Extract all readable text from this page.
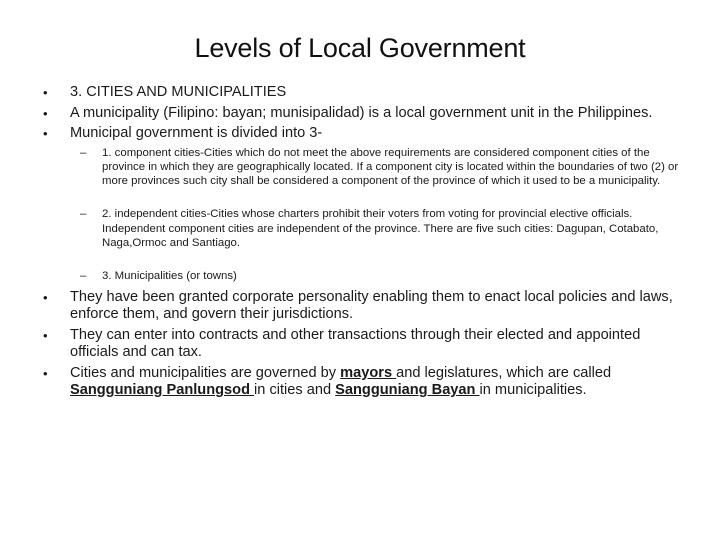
Levels of Local Government
• 3. CITIES AND MUNICIPALITIES
• A municipality (Filipino: bayan; munisipalidad) is a local government unit in the Philippines.
• Municipal government is divided into 3-
– 1. component cities-Cities which do not meet the above requirements are considered component cities of the province in which they are geographically located. If a component city is located within the boundaries of two (2) or more provinces such city shall be considered a component of the province of which it used to be a municipality.
– 2. independent cities-Cities whose charters prohibit their voters from voting for provincial elective officials. Independent component cities are independent of the province. There are five such cities: Dagupan, Cotabato, Naga,Ormoc and Santiago.
– 3. Municipalities (or towns)
• They have been granted corporate personality enabling them to enact local policies and laws, enforce them, and govern their jurisdictions.
• They can enter into contracts and other transactions through their elected and appointed officials and can tax.
• Cities and municipalities are governed by mayors and legislatures, which are called Sangguniang Panlungsod in cities and Sangguniang Bayan in municipalities.
